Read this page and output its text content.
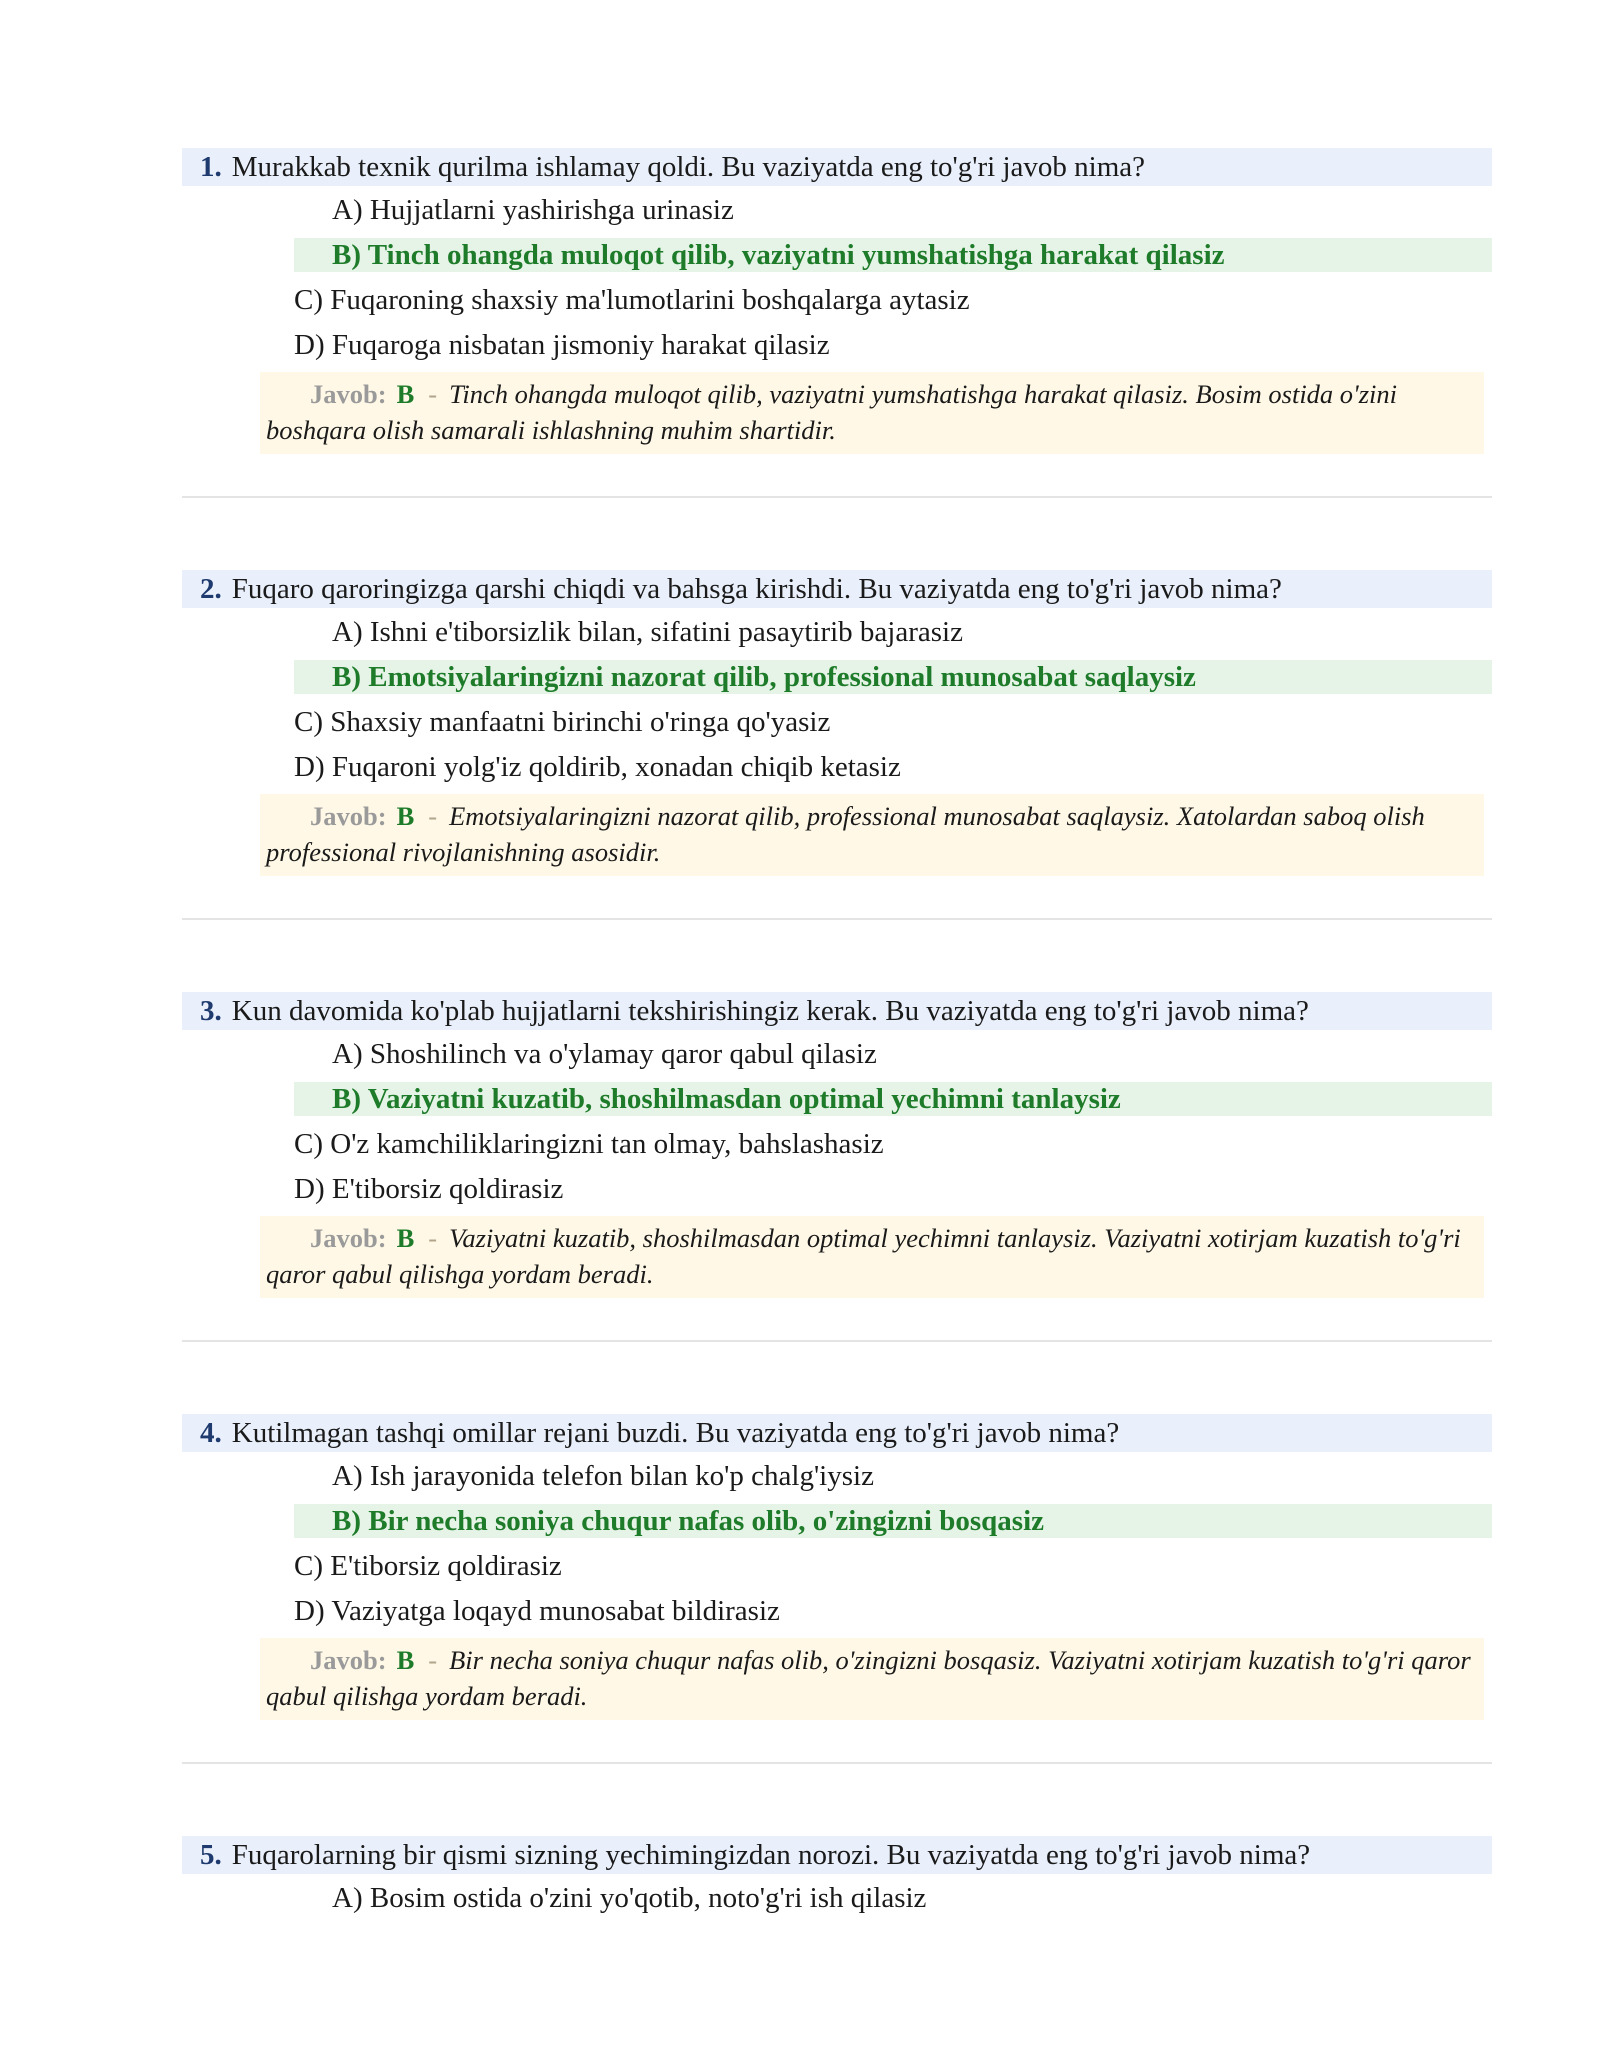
1. Murakkab texnik qurilma ishlamay qoldi. Bu vaziyatda eng to'g'ri javob nima?
A) Hujjatlarni yashirishga urinasiz
B) Tinch ohangda muloqot qilib, vaziyatni yumshatishga harakat qilasiz
C) Fuqaroning shaxsiy ma'lumotlarini boshqalarga aytasiz
D) Fuqaroga nisbatan jismoniy harakat qilasiz
Javob: B - Tinch ohangda muloqot qilib, vaziyatni yumshatishga harakat qilasiz. Bosim ostida o'zini boshqara olish samarali ishlashning muhim shartidir.
2. Fuqaro qaroringizga qarshi chiqdi va bahsga kirishdi. Bu vaziyatda eng to'g'ri javob nima?
A) Ishni e'tiborsizlik bilan, sifatini pasaytirib bajarasiz
B) Emotsiyalaringizni nazorat qilib, professional munosabat saqlaysiz
C) Shaxsiy manfaatni birinchi o'ringa qo'yasiz
D) Fuqaroni yolg'iz qoldirib, xonadan chiqib ketasiz
Javob: B - Emotsiyalaringizni nazorat qilib, professional munosabat saqlaysiz. Xatolardan saboq olish professional rivojlanishning asosidir.
3. Kun davomida ko'plab hujjatlarni tekshirishingiz kerak. Bu vaziyatda eng to'g'ri javob nima?
A) Shoshilinch va o'ylamay qaror qabul qilasiz
B) Vaziyatni kuzatib, shoshilmasdan optimal yechimni tanlaysiz
C) O'z kamchiliklaringizni tan olmay, bahslashasiz
D) E'tiborsiz qoldirasiz
Javob: B - Vaziyatni kuzatib, shoshilmasdan optimal yechimni tanlaysiz. Vaziyatni xotirjam kuzatish to'g'ri qaror qabul qilishga yordam beradi.
4. Kutilmagan tashqi omillar rejani buzdi. Bu vaziyatda eng to'g'ri javob nima?
A) Ish jarayonida telefon bilan ko'p chalg'iysiz
B) Bir necha soniya chuqur nafas olib, o'zingizni bosqasiz
C) E'tiborsiz qoldirasiz
D) Vaziyatga loqayd munosabat bildirasiz
Javob: B - Bir necha soniya chuqur nafas olib, o'zingizni bosqasiz. Vaziyatni xotirjam kuzatish to'g'ri qaror qabul qilishga yordam beradi.
5. Fuqarolarning bir qismi sizning yechimingizdan norozi. Bu vaziyatda eng to'g'ri javob nima?
A) Bosim ostida o'zini yo'qotib, noto'g'ri ish qilasiz
